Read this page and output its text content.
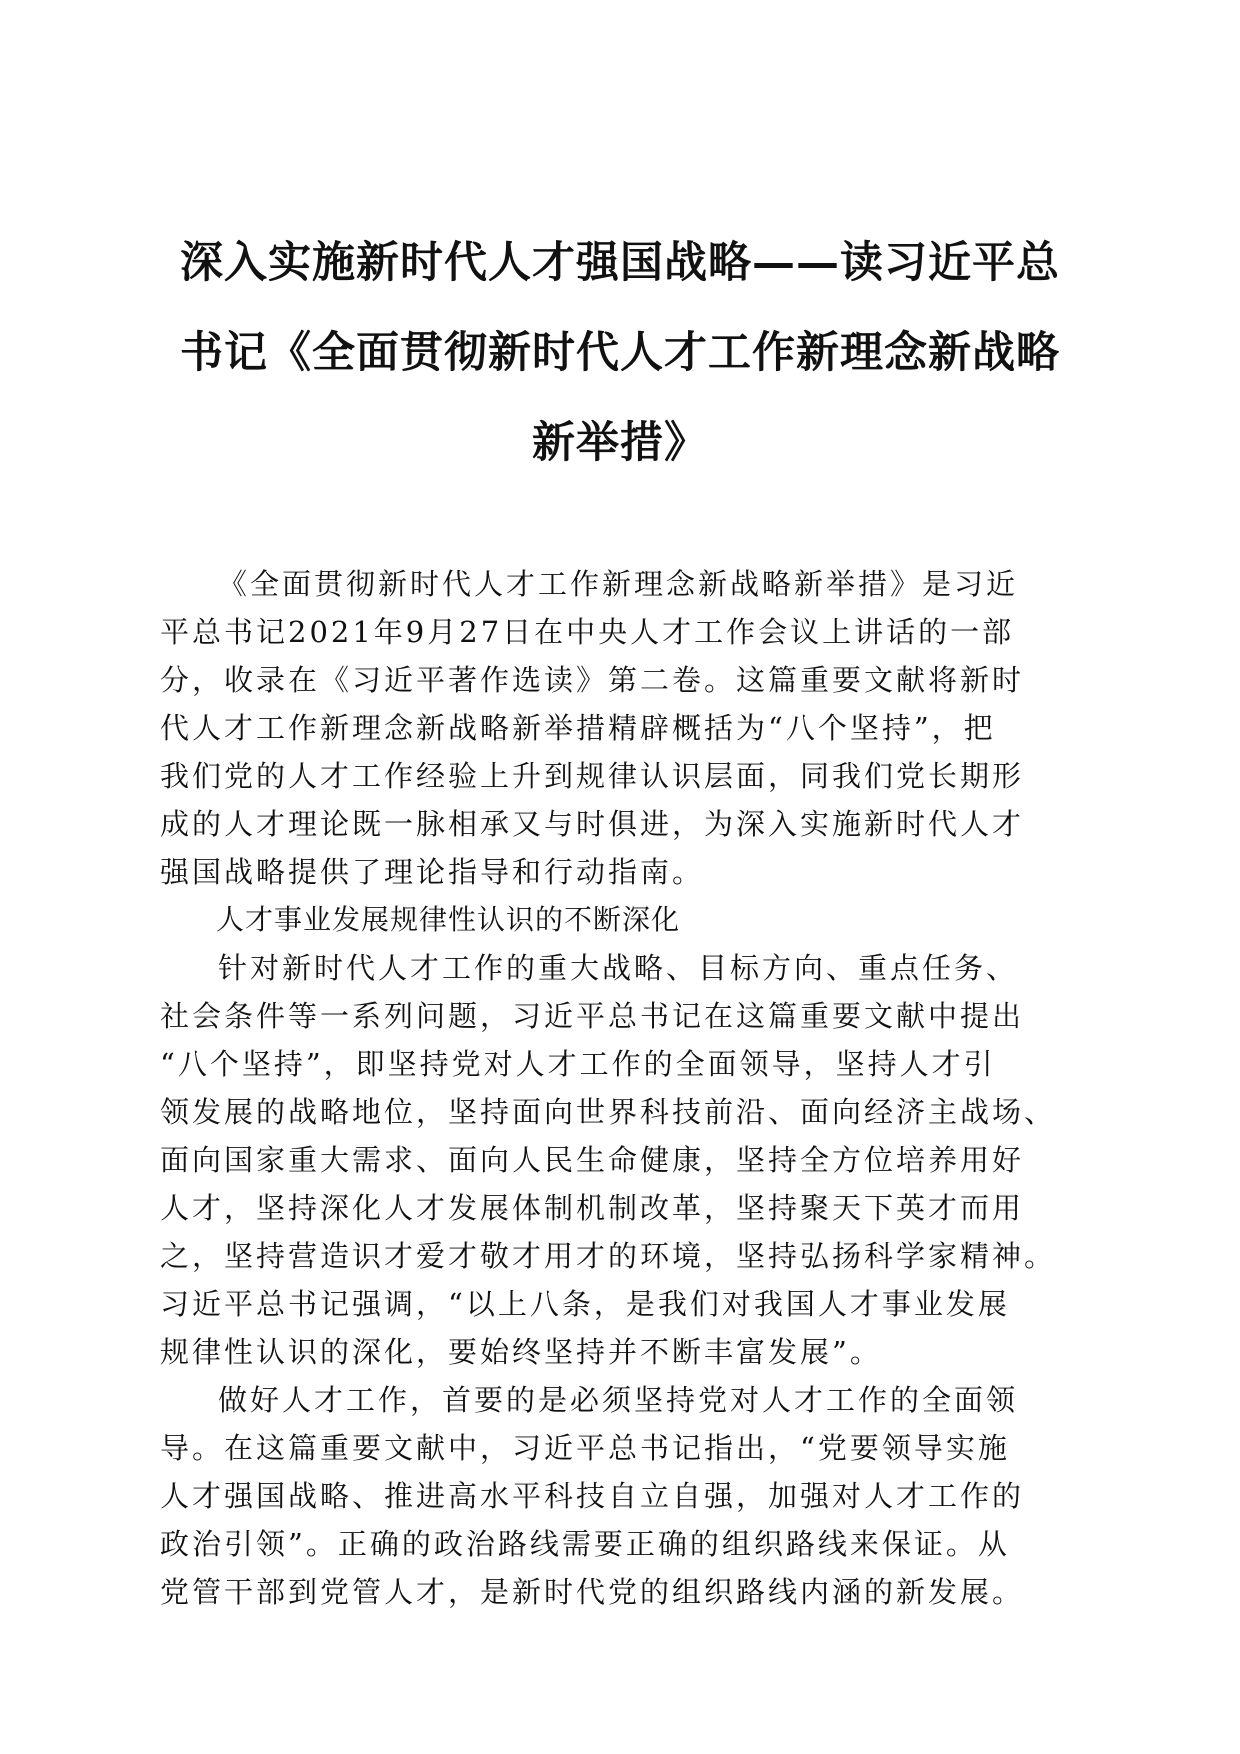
深入实施新时代人才强国战略——读习近平总
书记《全面贯彻新时代人才工作新理念新战略
新举措》

《全面贯彻新时代人才工作新理念新战略新举措》是习近
平总书记2021年9月27日在中央人才工作会议上讲话的一部
分，收录在《习近平著作选读》第二卷。这篇重要文献将新时
代人才工作新理念新战略新举措精辟概括为“八个坚持”，把
我们党的人才工作经验上升到规律认识层面，同我们党长期形
成的人才理论既一脉相承又与时俱进，为深入实施新时代人才
强国战略提供了理论指导和行动指南。

人才事业发展规律性认识的不断深化

针对新时代人才工作的重大战略、目标方向、重点任务、
社会条件等一系列问题，习近平总书记在这篇重要文献中提出
“八个坚持”，即坚持党对人才工作的全面领导，坚持人才引
领发展的战略地位，坚持面向世界科技前沿、面向经济主战场、
面向国家重大需求、面向人民生命健康，坚持全方位培养用好
人才，坚持深化人才发展体制机制改革，坚持聚天下英才而用
之，坚持营造识才爱才敬才用才的环境，坚持弘扬科学家精神。
习近平总书记强调，“以上八条，是我们对我国人才事业发展
规律性认识的深化，要始终坚持并不断丰富发展”。

做好人才工作，首要的是必须坚持党对人才工作的全面领
导。在这篇重要文献中，习近平总书记指出，“党要领导实施
人才强国战略、推进高水平科技自立自强，加强对人才工作的
政治引领”。正确的政治路线需要正确的组织路线来保证。从
党管干部到党管人才，是新时代党的组织路线内涵的新发展。
